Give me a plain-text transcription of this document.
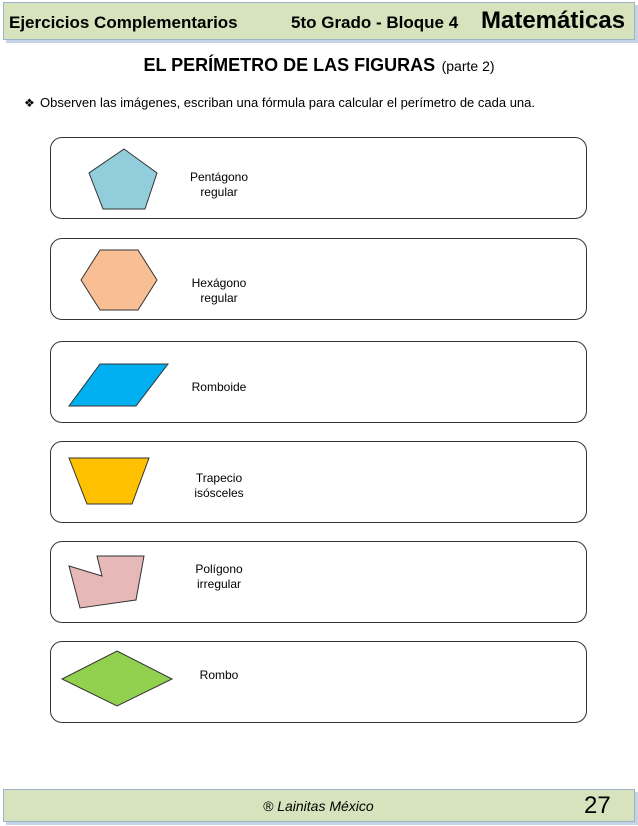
Ejercicios Complementarios	5to Grado - Bloque 4 Matemáticas
EL PERÍMETRO DE LAS FIGURAS (parte 2)
❖ Observen las imágenes, escriban una fórmula para calcular el perímetro de cada una.
Pentágono
regular
Hexágono
regular
Romboide
Trapecio
isósceles
Polígono
irregular
Rombo
® Lainitas México	27
